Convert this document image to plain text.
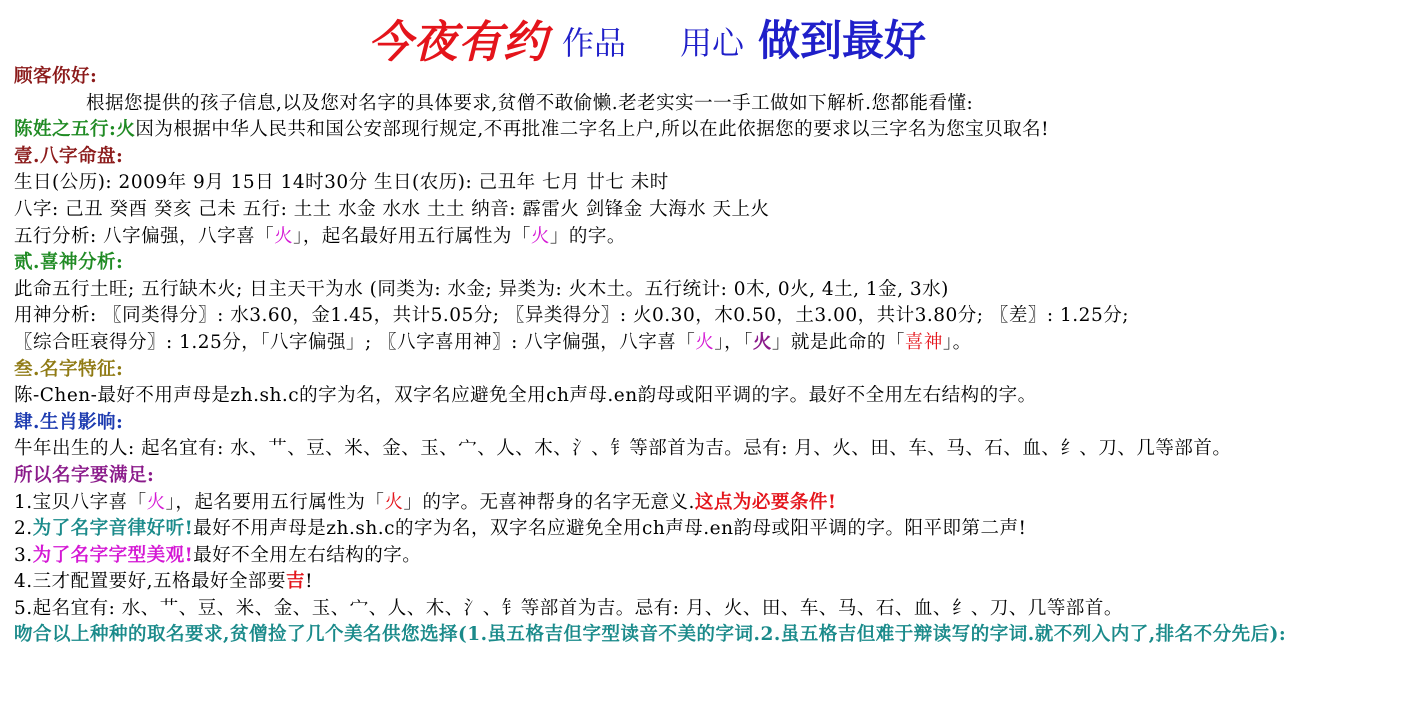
今夜有约 作品 用心 做到最好
顾客你好:
根据您提供的孩子信息,以及您对名字的具体要求,贫僧不敢偷懒.老老实实一一手工做如下解析.您都能看懂:
陈姓之五行:火因为根据中华人民共和国公安部现行规定,不再批准二字名上户,所以在此依据您的要求以三字名为您宝贝取名!
壹.八字命盘:
生日(公历): 2009年 9月 15日 14时30分 生日(农历): 己丑年 七月 廿七 未时
八字: 己丑 癸酉 癸亥 己未 五行: 土土 水金 水水 土土 纳音: 霹雷火 剑锋金 大海水 天上火
五行分析: 八字偏强，八字喜「火」，起名最好用五行属性为「火」的字。
贰.喜神分析:
此命五行土旺; 五行缺木火; 日主天干为水 (同类为: 水金; 异类为: 火木土。五行统计: 0木, 0火, 4土, 1金, 3水)
用神分析: 〖同类得分〗: 水3.60，金1.45，共计5.05分; 〖异类得分〗: 火0.30，木0.50，土3.00，共计3.80分; 〖差〗: 1.25分;
〖综合旺衰得分〗: 1.25分，「八字偏强」; 〖八字喜用神〗: 八字偏强，八字喜「火」，「火」就是此命的「喜神」。
叁.名字特征:
陈-Chen-最好不用声母是zh.sh.c的字为名，双字名应避免全用ch声母.en韵母或阳平调的字。最好不全用左右结构的字。
肆.生肖影响:
牛年出生的人: 起名宜有: 水、艹、豆、米、金、玉、宀、人、木、氵、钅等部首为吉。忌有: 月、火、田、车、马、石、血、纟、刀、几等部首。
所以名字要满足:
1.宝贝八字喜「火」，起名要用五行属性为「火」的字。无喜神帮身的名字无意义.这点为必要条件!
2.为了名字音律好听!最好不用声母是zh.sh.c的字为名，双字名应避免全用ch声母.en韵母或阳平调的字。阳平即第二声!
3.为了名字字型美观!最好不全用左右结构的字。
4.三才配置要好,五格最好全部要吉!
5.起名宜有: 水、艹、豆、米、金、玉、宀、人、木、氵、钅等部首为吉。忌有: 月、火、田、车、马、石、血、纟、刀、几等部首。
吻合以上种种的取名要求,贫僧捡了几个美名供您选择(1.虽五格吉但字型读音不美的字词.2.虽五格吉但难于辩读写的字词.就不列入内了,排名不分先后):
